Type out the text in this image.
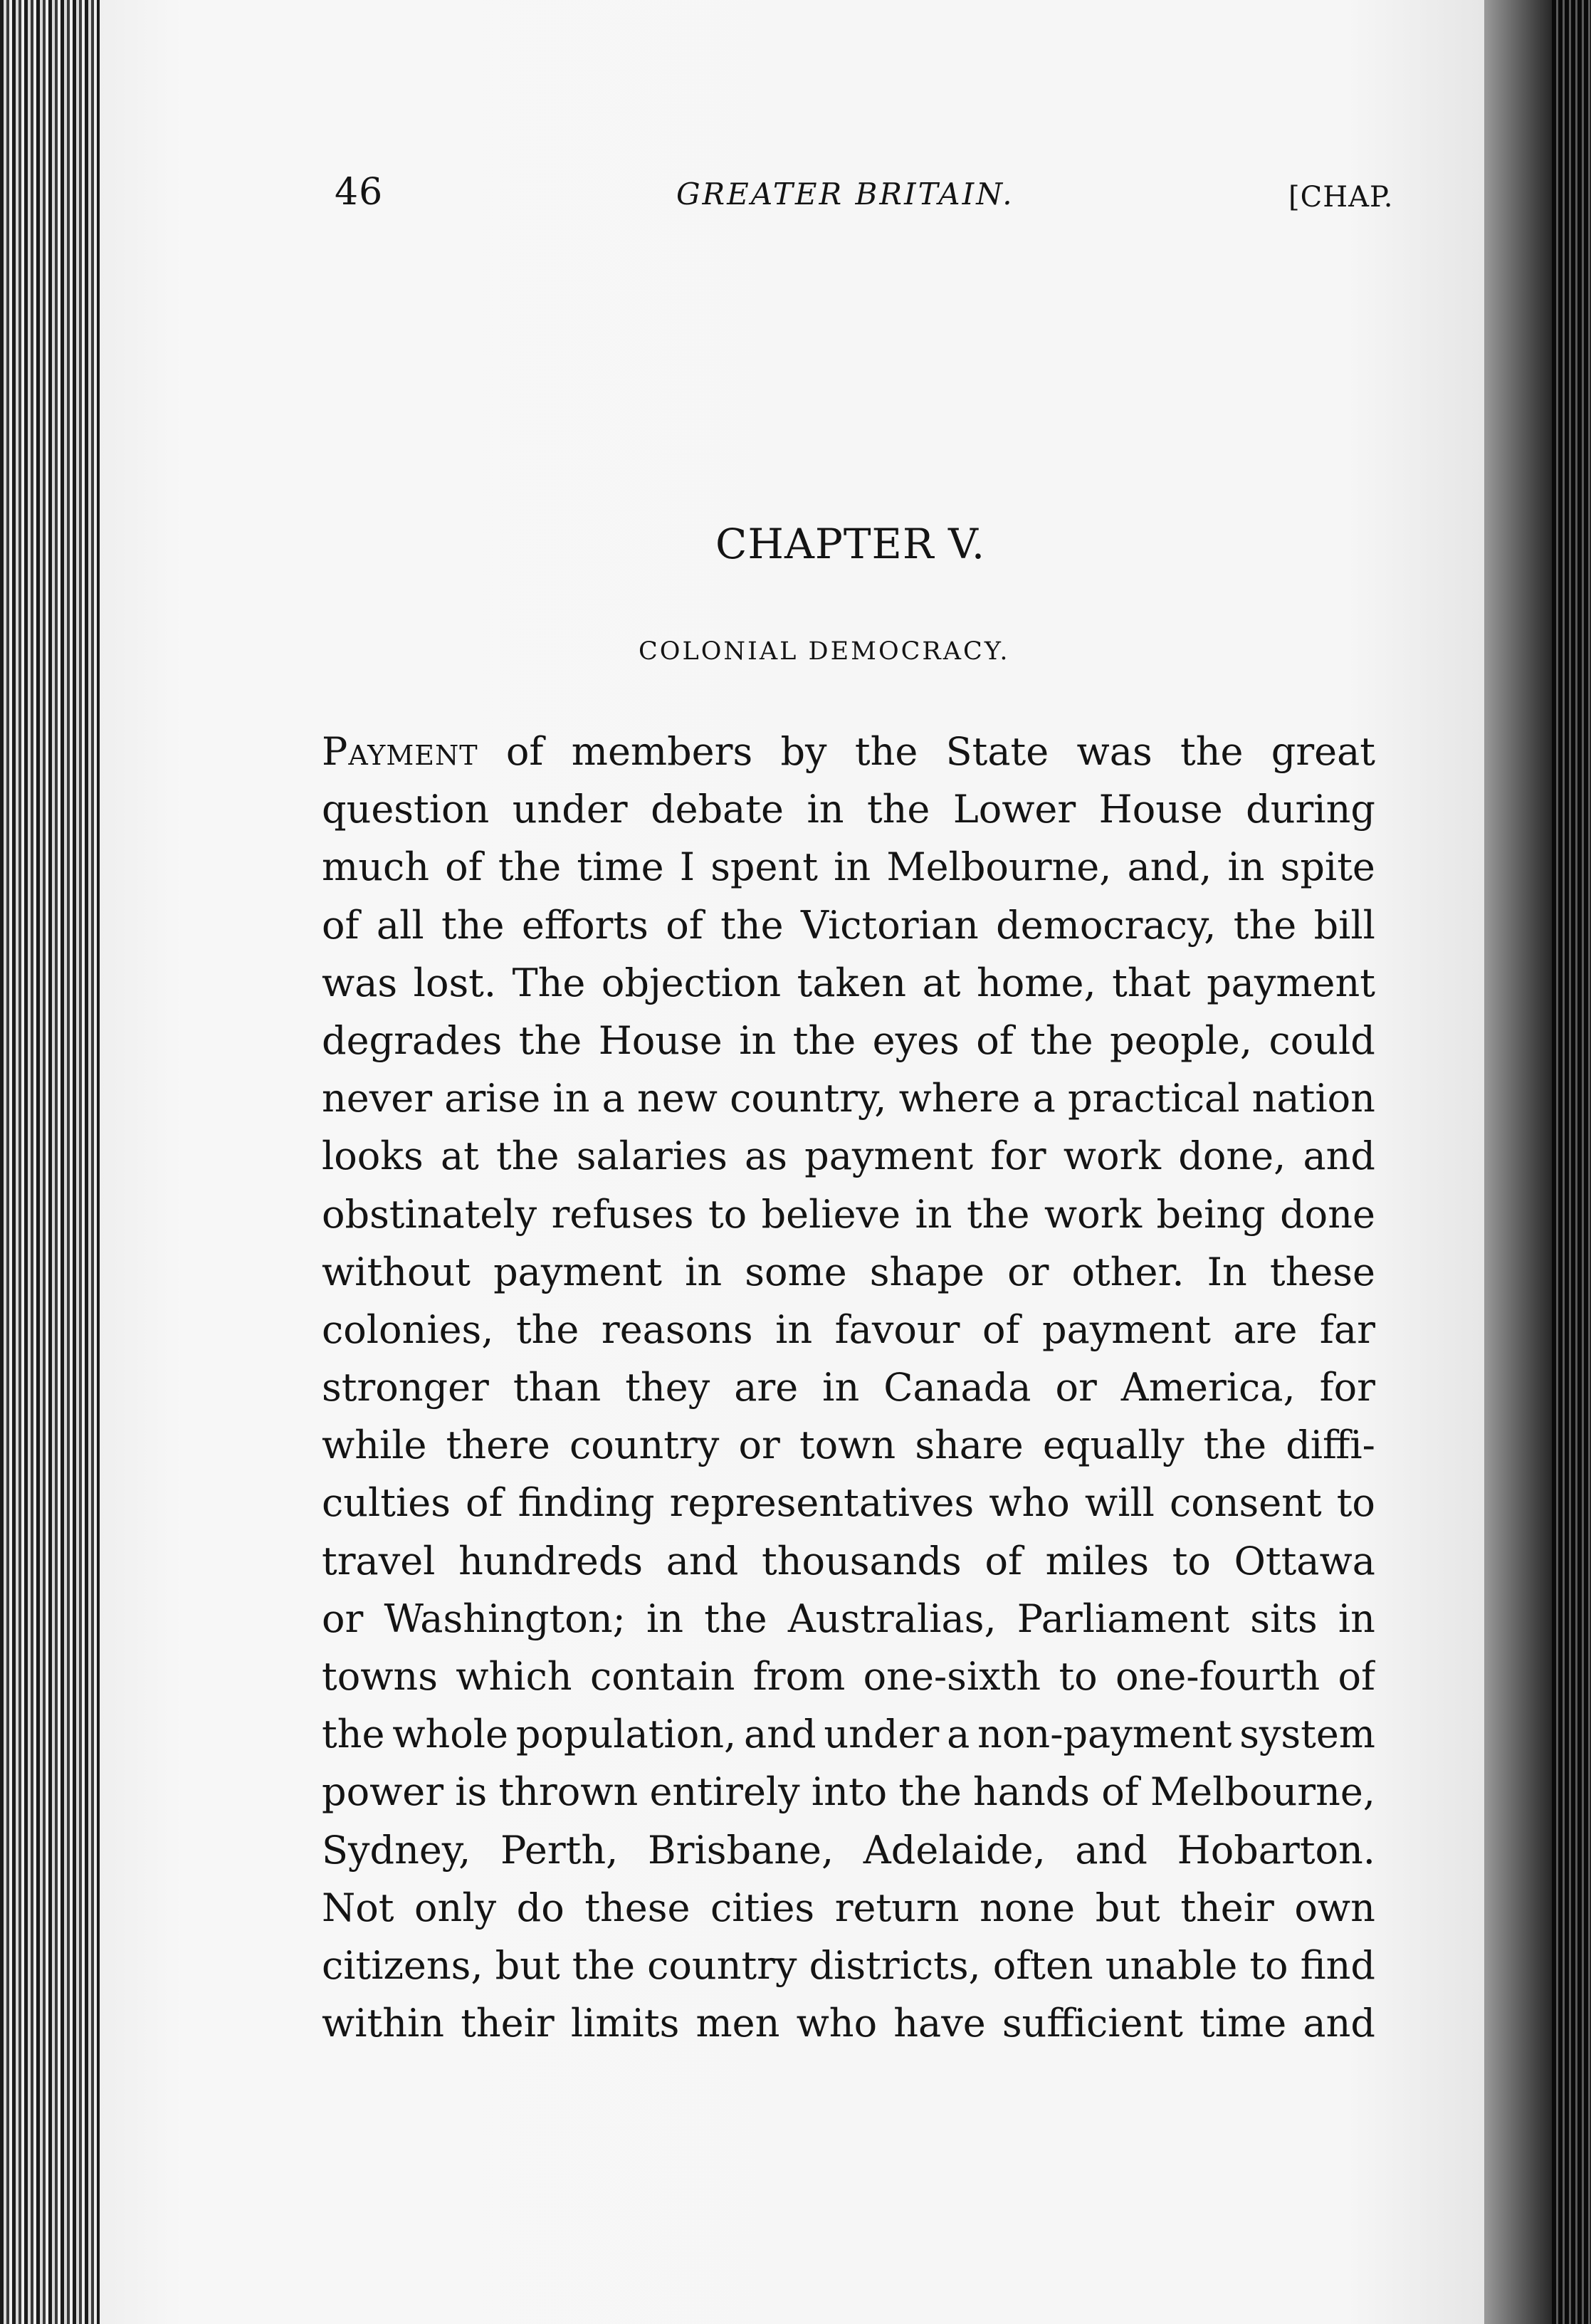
46	GREATER BRITAIN.	[CHAP.
CHAPTER V.
COLONIAL DEMOCRACY.
Payment of members by the State was the great
question under debate in the Lower House during
much of the time I spent in Melbourne, and, in spite
of all the efforts of the Victorian democracy, the bill
was lost. The objection taken at home, that payment
degrades the House in the eyes of the people, could
never arise in a new country, where a practical nation
looks at the salaries as payment for work done, and
obstinately refuses to believe in the work being done
without payment in some shape or other. In these
colonies, the reasons in favour of payment are far
stronger than they are in Canada or America, for
while there country or town share equally the diffi-
culties of finding representatives who will consent to
travel hundreds and thousands of miles to Ottawa
or Washington; in the Australias, Parliament sits in
towns which contain from one-sixth to one-fourth of
the whole population, and under a non-payment system
power is thrown entirely into the hands of Melbourne,
Sydney, Perth, Brisbane, Adelaide, and Hobarton.
Not only do these cities return none but their own
citizens, but the country districts, often unable to find
within their limits men who have sufficient time and
